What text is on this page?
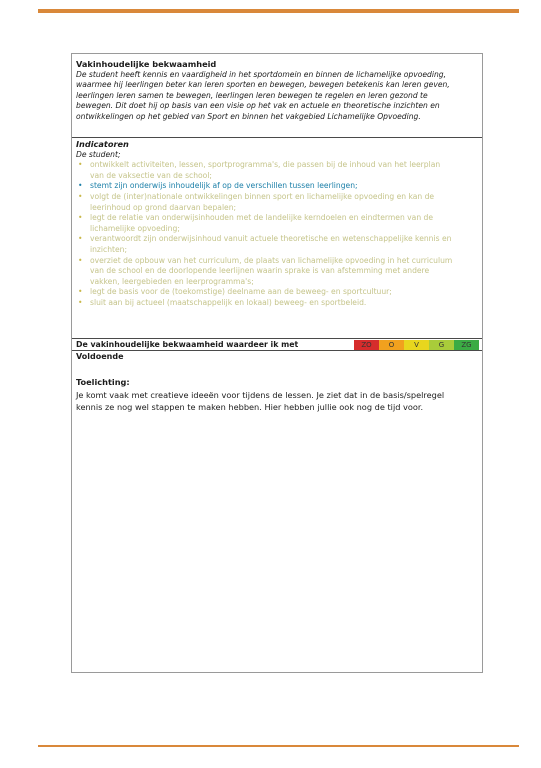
Vakinhoudelijke bekwaamheid
De student heeft kennis en vaardigheid in het sportdomein en binnen de lichamelijke opvoeding,
waarmee hij leerlingen beter kan leren sporten en bewegen, bewegen betekenis kan leren geven,
leerlingen leren samen te bewegen, leerlingen leren bewegen te regelen en leren gezond te
bewegen. Dit doet hij op basis van een visie op het vak en actuele en theoretische inzichten en
ontwikkelingen op het gebied van Sport en binnen het vakgebied Lichamelijke Opvoeding.
Indicatoren
De student;
• ontwikkelt activiteiten, lessen, sportprogramma's, die passen bij de inhoud van het leerplan
van de vaksectie van de school;
• stemt zijn onderwijs inhoudelijk af op de verschillen tussen leerlingen;
• volgt de (inter)nationale ontwikkelingen binnen sport en lichamelijke opvoeding en kan de
leerinhoud op grond daarvan bepalen;
• legt de relatie van onderwijsinhouden met de landelijke kerndoelen en eindtermen van de
lichamelijke opvoeding;
• verantwoordt zijn onderwijsinhoud vanuit actuele theoretische en wetenschappelijke kennis en
inzichten;
• overziet de opbouw van het curriculum, de plaats van lichamelijke opvoeding in het curriculum
van de school en de doorlopende leerlijnen waarin sprake is van afstemming met andere
vakken, leergebieden en leerprogramma's;
• legt de basis voor de (toekomstige) deelname aan de beweeg- en sportcultuur;
• sluit aan bij actueel (maatschappelijk en lokaal) beweeg- en sportbeleid.
De vakinhoudelijke bekwaamheid waardeer ik met	ZO	O	V	G	ZG
Voldoende
Toelichting:
Je komt vaak met creatieve ideeën voor tijdens de lessen. Je ziet dat in de basis/spelregel
kennis ze nog wel stappen te maken hebben. Hier hebben jullie ook nog de tijd voor.
